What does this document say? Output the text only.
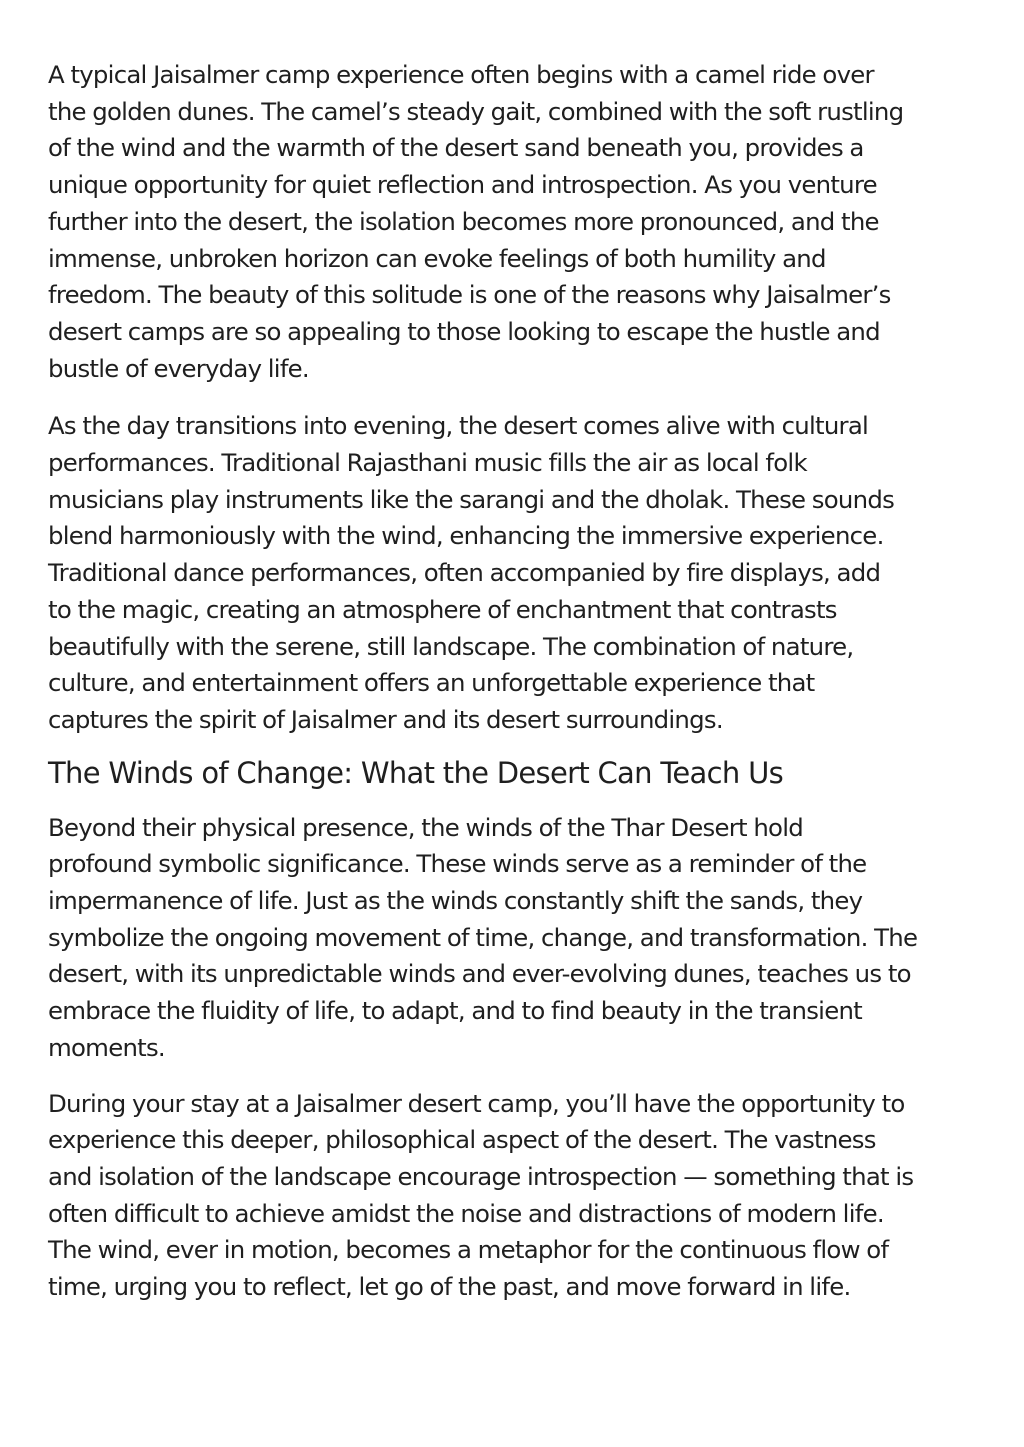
A typical Jaisalmer camp experience often begins with a camel ride over
the golden dunes. The camel’s steady gait, combined with the soft rustling
of the wind and the warmth of the desert sand beneath you, provides a
unique opportunity for quiet reflection and introspection. As you venture
further into the desert, the isolation becomes more pronounced, and the
immense, unbroken horizon can evoke feelings of both humility and
freedom. The beauty of this solitude is one of the reasons why Jaisalmer’s
desert camps are so appealing to those looking to escape the hustle and
bustle of everyday life.

As the day transitions into evening, the desert comes alive with cultural
performances. Traditional Rajasthani music fills the air as local folk
musicians play instruments like the sarangi and the dholak. These sounds
blend harmoniously with the wind, enhancing the immersive experience.
Traditional dance performances, often accompanied by fire displays, add
to the magic, creating an atmosphere of enchantment that contrasts
beautifully with the serene, still landscape. The combination of nature,
culture, and entertainment offers an unforgettable experience that
captures the spirit of Jaisalmer and its desert surroundings.

The Winds of Change: What the Desert Can Teach Us

Beyond their physical presence, the winds of the Thar Desert hold
profound symbolic significance. These winds serve as a reminder of the
impermanence of life. Just as the winds constantly shift the sands, they
symbolize the ongoing movement of time, change, and transformation. The
desert, with its unpredictable winds and ever-evolving dunes, teaches us to
embrace the fluidity of life, to adapt, and to find beauty in the transient
moments.

During your stay at a Jaisalmer desert camp, you’ll have the opportunity to
experience this deeper, philosophical aspect of the desert. The vastness
and isolation of the landscape encourage introspection — something that is
often difficult to achieve amidst the noise and distractions of modern life.
The wind, ever in motion, becomes a metaphor for the continuous flow of
time, urging you to reflect, let go of the past, and move forward in life.
